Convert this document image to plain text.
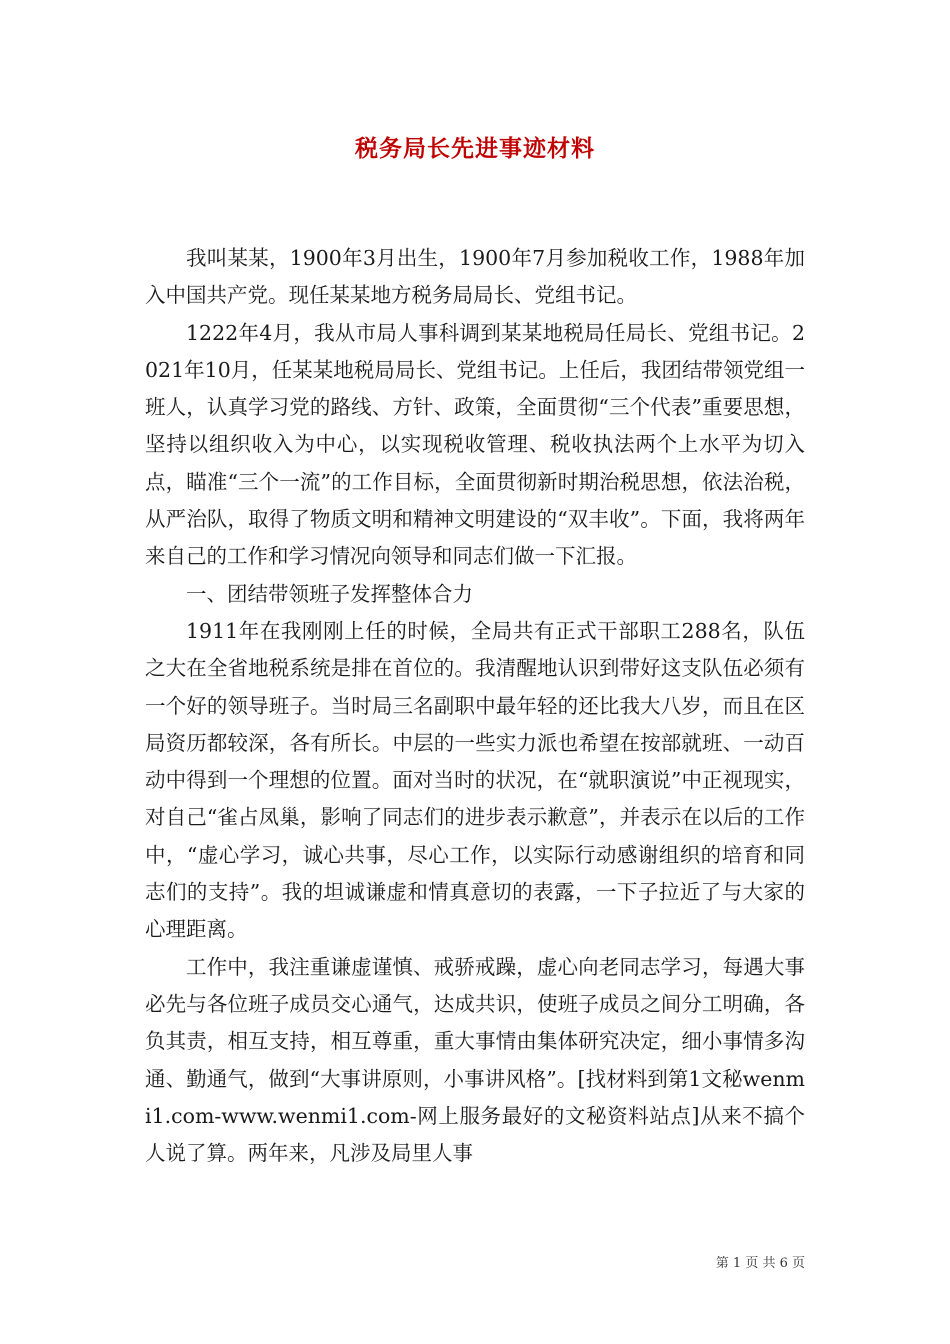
税务局长先进事迹材料

我叫某某，1900年3月出生，1900年7月参加税收工作，1988年加入中国共产党。现任某某地方税务局局长、党组书记。

1222年4月，我从市局人事科调到某某地税局任局长、党组书记。2021年10月，任某某地税局局长、党组书记。上任后，我团结带领党组一班人，认真学习党的路线、方针、政策，全面贯彻“三个代表”重要思想，坚持以组织收入为中心，以实现税收管理、税收执法两个上水平为切入点，瞄准“三个一流”的工作目标，全面贯彻新时期治税思想，依法治税，从严治队，取得了物质文明和精神文明建设的“双丰收”。下面，我将两年来自己的工作和学习情况向领导和同志们做一下汇报。

一、团结带领班子发挥整体合力

1911年在我刚刚上任的时候，全局共有正式干部职工288名，队伍之大在全省地税系统是排在首位的。我清醒地认识到带好这支队伍必须有一个好的领导班子。当时局三名副职中最年轻的还比我大八岁，而且在区局资历都较深，各有所长。中层的一些实力派也希望在按部就班、一动百动中得到一个理想的位置。面对当时的状况，在“就职演说”中正视现实，对自己“雀占凤巢，影响了同志们的进步表示歉意”，并表示在以后的工作中，“虚心学习，诚心共事，尽心工作，以实际行动感谢组织的培育和同志们的支持”。我的坦诚谦虚和情真意切的表露，一下子拉近了与大家的心理距离。

工作中，我注重谦虚谨慎、戒骄戒躁，虚心向老同志学习，每遇大事必先与各位班子成员交心通气，达成共识，使班子成员之间分工明确，各负其责，相互支持，相互尊重，重大事情由集体研究决定，细小事情多沟通、勤通气，做到“大事讲原则，小事讲风格”。[找材料到第1文秘wenmi1.com-www.wenmi1.com-网上服务最好的文秘资料站点]从来不搞个人说了算。两年来，凡涉及局里人事

第 1 页 共 6 页
